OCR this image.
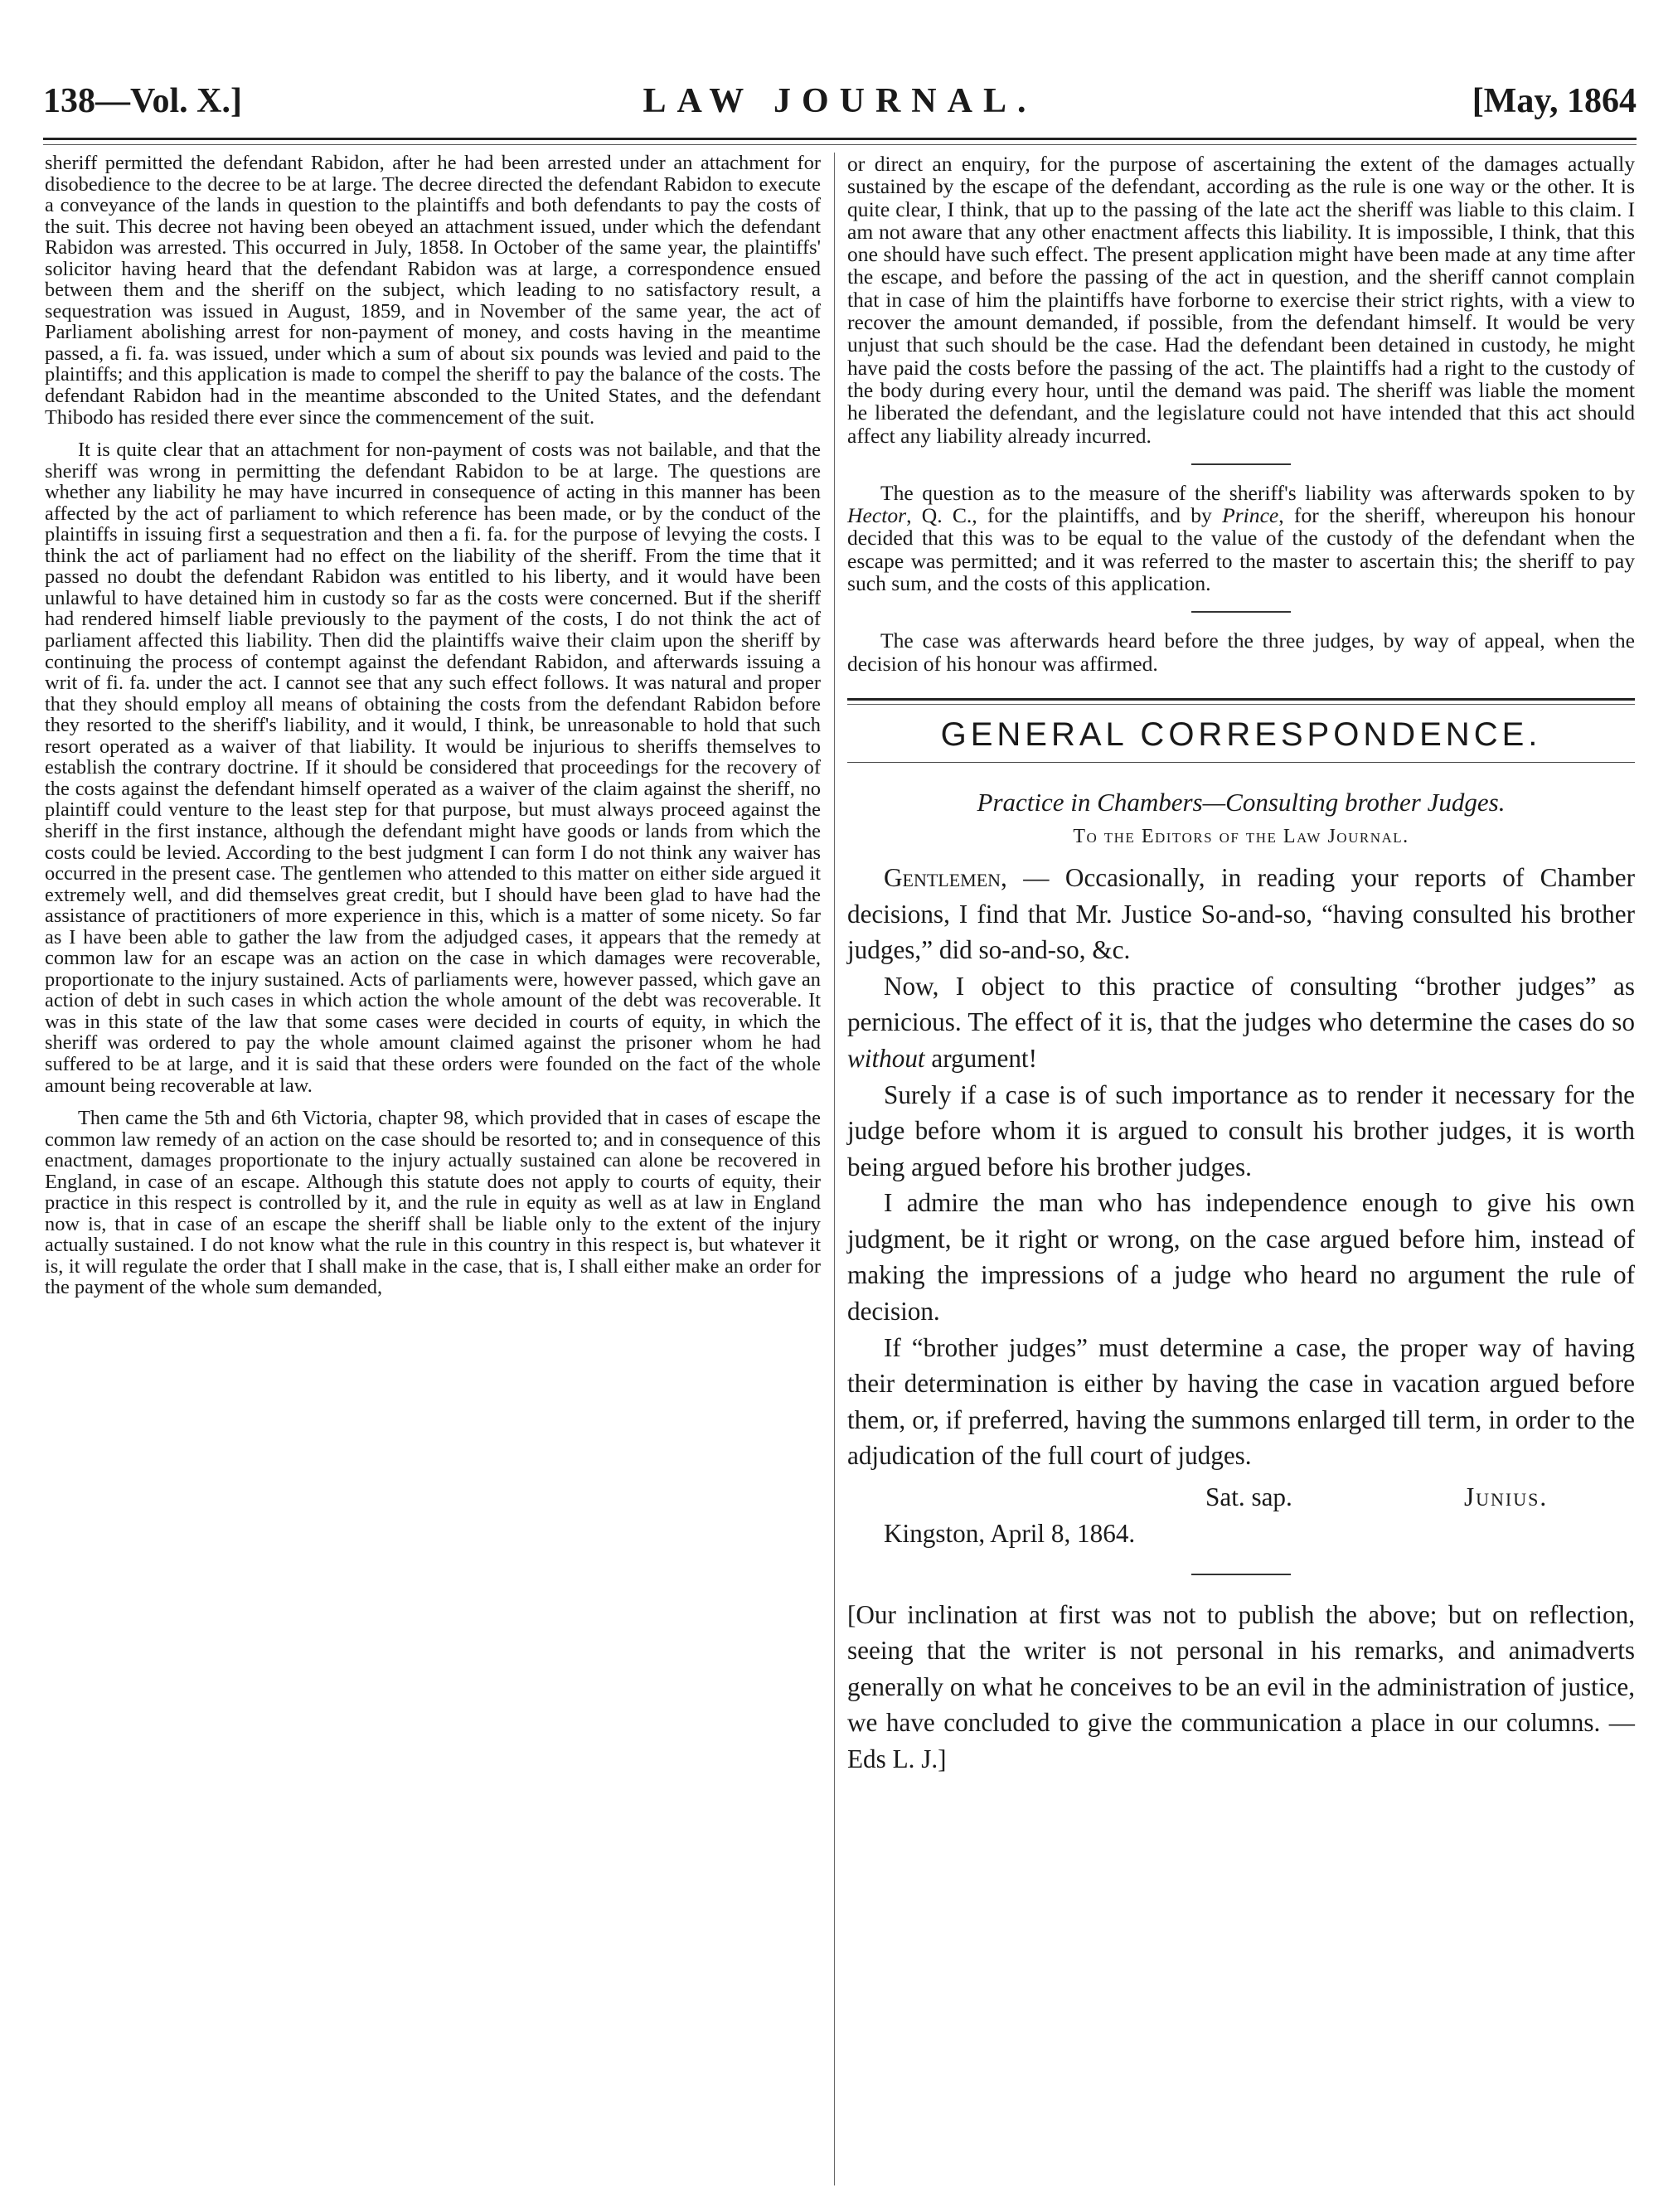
138—Vol. X.]	LAW JOURNAL.	[May, 1864

sheriff permitted the defendant Rabidon, after he had been arrested under an attachment for disobedience to the decree to be at large. The decree directed the defendant Rabidon to execute a conveyance of the lands in question to the plaintiffs and both defendants to pay the costs of the suit. This decree not having been obeyed an attachment issued, under which the defendant Rabidon was arrested. This occurred in July, 1858. In October of the same year, the plaintiffs' solicitor having heard that the defendant Rabidon was at large, a correspondence ensued between them and the sheriff on the subject, which leading to no satisfactory result, a sequestration was issued in August, 1859, and in November of the same year, the act of Parliament abolishing arrest for non-payment of money, and costs having in the meantime passed, a fi. fa. was issued, under which a sum of about six pounds was levied and paid to the plaintiffs; and this application is made to compel the sheriff to pay the balance of the costs. The defendant Rabidon had in the meantime absconded to the United States, and the defendant Thibodo has resided there ever since the commencement of the suit.

It is quite clear that an attachment for non-payment of costs was not bailable, and that the sheriff was wrong in permitting the defendant Rabidon to be at large. The questions are whether any liability he may have incurred in consequence of acting in this manner has been affected by the act of parliament to which reference has been made, or by the conduct of the plaintiffs in issuing first a sequestration and then a fi. fa. for the purpose of levying the costs. I think the act of parliament had no effect on the liability of the sheriff. From the time that it passed no doubt the defendant Rabidon was entitled to his liberty, and it would have been unlawful to have detained him in custody so far as the costs were concerned. But if the sheriff had rendered himself liable previously to the payment of the costs, I do not think the act of parliament affected this liability. Then did the plaintiffs waive their claim upon the sheriff by continuing the process of contempt against the defendant Rabidon, and afterwards issuing a writ of fi. fa. under the act. I cannot see that any such effect follows. It was natural and proper that they should employ all means of obtaining the costs from the defendant Rabidon before they resorted to the sheriff's liability, and it would, I think, be unreasonable to hold that such resort operated as a waiver of that liability. It would be injurious to sheriffs themselves to establish the contrary doctrine. If it should be considered that proceedings for the recovery of the costs against the defendant himself operated as a waiver of the claim against the sheriff, no plaintiff could venture to the least step for that purpose, but must always proceed against the sheriff in the first instance, although the defendant might have goods or lands from which the costs could be levied. According to the best judgment I can form I do not think any waiver has occurred in the present case. The gentlemen who attended to this matter on either side argued it extremely well, and did themselves great credit, but I should have been glad to have had the assistance of practitioners of more experience in this, which is a matter of some nicety. So far as I have been able to gather the law from the adjudged cases, it appears that the remedy at common law for an escape was an action on the case in which damages were recoverable, proportionate to the injury sustained. Acts of parliaments were, however passed, which gave an action of debt in such cases in which action the whole amount of the debt was recoverable. It was in this state of the law that some cases were decided in courts of equity, in which the sheriff was ordered to pay the whole amount claimed against the prisoner whom he had suffered to be at large, and it is said that these orders were founded on the fact of the whole amount being recoverable at law.

Then came the 5th and 6th Victoria, chapter 98, which provided that in cases of escape the common law remedy of an action on the case should be resorted to; and in consequence of this enactment, damages proportionate to the injury actually sustained can alone be recovered in England, in case of an escape. Although this statute does not apply to courts of equity, their practice in this respect is controlled by it, and the rule in equity as well as at law in England now is, that in case of an escape the sheriff shall be liable only to the extent of the injury actually sustained. I do not know what the rule in this country in this respect is, but whatever it is, it will regulate the order that I shall make in the case, that is, I shall either make an order for the payment of the whole sum demanded,

or direct an enquiry, for the purpose of ascertaining the extent of the damages actually sustained by the escape of the defendant, according as the rule is one way or the other. It is quite clear, I think, that up to the passing of the late act the sheriff was liable to this claim. I am not aware that any other enactment affects this liability. It is impossible, I think, that this one should have such effect. The present application might have been made at any time after the escape, and before the passing of the act in question, and the sheriff cannot complain that in case of him the plaintiffs have forborne to exercise their strict rights, with a view to recover the amount demanded, if possible, from the defendant himself. It would be very unjust that such should be the case. Had the defendant been detained in custody, he might have paid the costs before the passing of the act. The plaintiffs had a right to the custody of the body during every hour, until the demand was paid. The sheriff was liable the moment he liberated the defendant, and the legislature could not have intended that this act should affect any liability already incurred.

The question as to the measure of the sheriff's liability was afterwards spoken to by Hector, Q. C., for the plaintiffs, and by Prince, for the sheriff, whereupon his honour decided that this was to be equal to the value of the custody of the defendant when the escape was permitted; and it was referred to the master to ascertain this; the sheriff to pay such sum, and the costs of this application.

The case was afterwards heard before the three judges, by way of appeal, when the decision of his honour was affirmed.

GENERAL CORRESPONDENCE.
Practice in Chambers—Consulting brother Judges.
To the Editors of the Law Journal.

Gentlemen, — Occasionally, in reading your reports of Chamber decisions, I find that Mr. Justice So-and-so, “having consulted his brother judges,” did so-and-so, &c.

Now, I object to this practice of consulting “brother judges” as pernicious. The effect of it is, that the judges who determine the cases do so without argument!

Surely if a case is of such importance as to render it necessary for the judge before whom it is argued to consult his brother judges, it is worth being argued before his brother judges.

I admire the man who has independence enough to give his own judgment, be it right or wrong, on the case argued before him, instead of making the impressions of a judge who heard no argument the rule of decision.

If “brother judges” must determine a case, the proper way of having their determination is either by having the case in vacation argued before them, or, if preferred, having the summons enlarged till term, in order to the adjudication of the full court of judges.

Sat. sap.	Junius.

Kingston, April 8, 1864.

[Our inclination at first was not to publish the above; but on reflection, seeing that the writer is not personal in his remarks, and animadverts generally on what he conceives to be an evil in the administration of justice, we have concluded to give the communication a place in our columns. — Eds L. J.]
